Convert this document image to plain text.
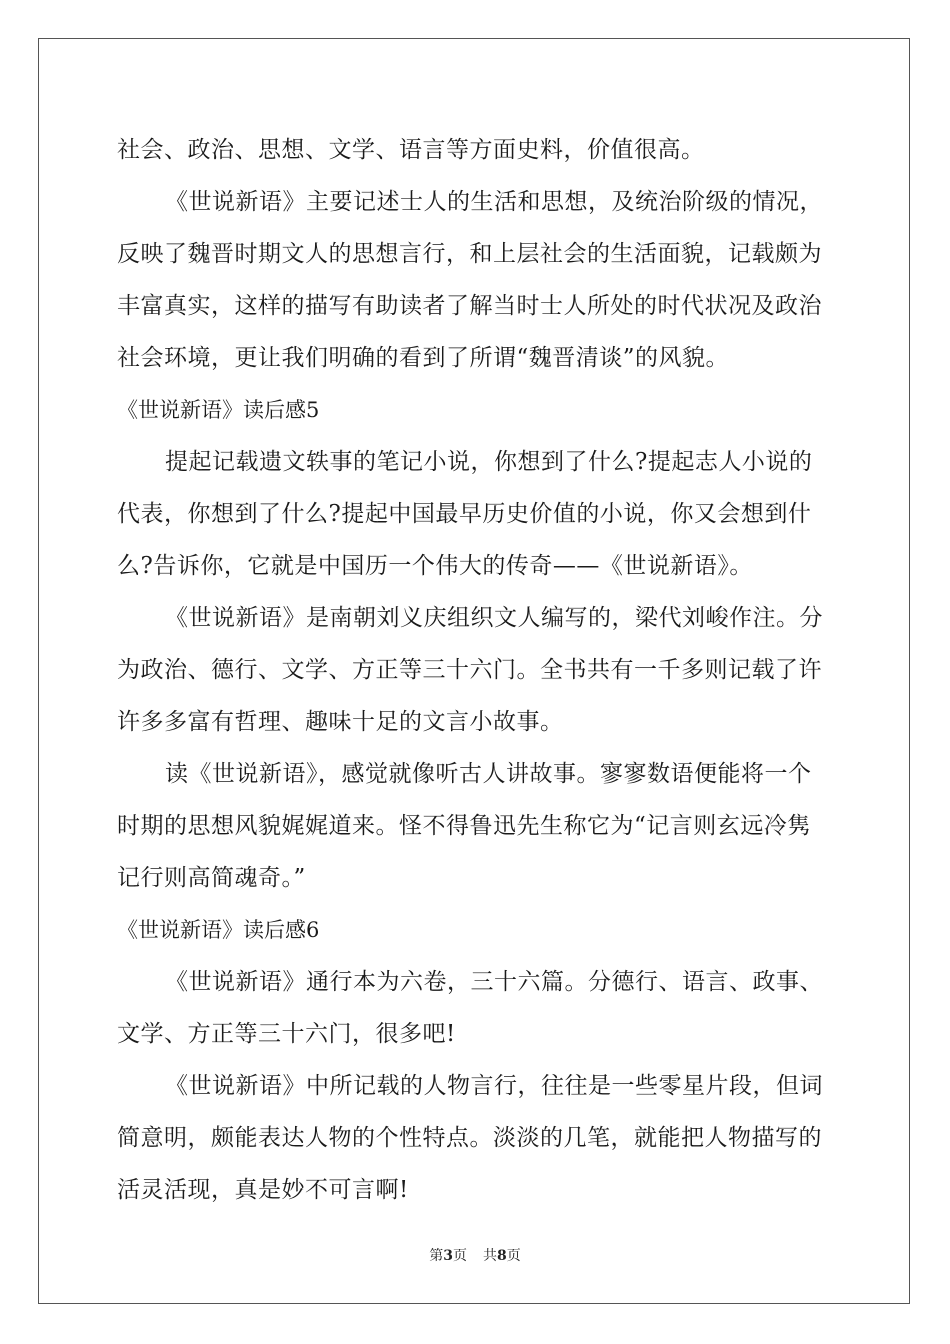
社会、政治、思想、文学、语言等方面史料，价值很高。
《世说新语》主要记述士人的生活和思想，及统治阶级的情况，
反映了魏晋时期文人的思想言行，和上层社会的生活面貌，记载颇为
丰富真实，这样的描写有助读者了解当时士人所处的时代状况及政治
社会环境，更让我们明确的看到了所谓“魏晋清谈”的风貌。
《世说新语》读后感5
提起记载遗文轶事的笔记小说，你想到了什么?提起志人小说的
代表，你想到了什么?提起中国最早历史价值的小说，你又会想到什
么?告诉你，它就是中国历一个伟大的传奇——《世说新语》。
《世说新语》是南朝刘义庆组织文人编写的，梁代刘峻作注。分
为政治、德行、文学、方正等三十六门。全书共有一千多则记载了许
许多多富有哲理、趣味十足的文言小故事。
读《世说新语》，感觉就像听古人讲故事。寥寥数语便能将一个
时期的思想风貌娓娓道来。怪不得鲁迅先生称它为“记言则玄远冷隽
记行则高简魂奇。”
《世说新语》读后感6
《世说新语》通行本为六卷，三十六篇。分德行、语言、政事、
文学、方正等三十六门，很多吧!
《世说新语》中所记载的人物言行，往往是一些零星片段，但词
简意明，颇能表达人物的个性特点。淡淡的几笔，就能把人物描写的
活灵活现，真是妙不可言啊!
第3页 共8页
